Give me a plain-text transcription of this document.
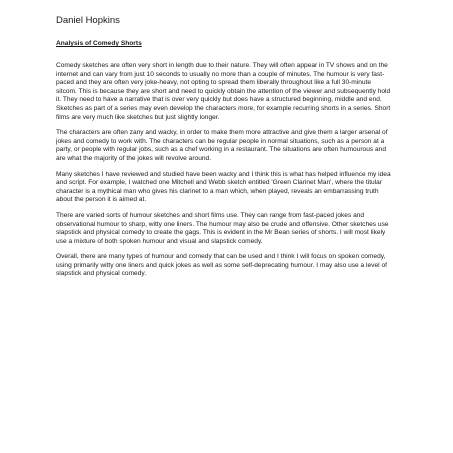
Daniel Hopkins
Analysis of Comedy Shorts

Comedy sketches are often very short in length due to their nature. They will often appear in TV shows and on the internet and can vary from just 10 seconds to usually no more than a couple of minutes. The humour is very fast-paced and they are often very joke-heavy, not opting to spread them liberally throughout like a full 30-minute sitcom. This is because they are short and need to quickly obtain the attention of the viewer and subsequently hold it. They need to have a narrative that is over very quickly but does have a structured beginning, middle and end. Sketches as part of a series may even develop the characters more, for example recurring shorts in a series. Short films are very much like sketches but just slightly longer.

The characters are often zany and wacky, in order to make them more attractive and give them a larger arsenal of jokes and comedy to work with. The characters can be regular people in normal situations, such as a person at a party, or people with regular jobs, such as a chef working in a restaurant. The situations are often humourous and are what the majority of the jokes will revolve around.

Many sketches I have reviewed and studied have been wacky and I think this is what has helped influence my idea and script. For example, I watched one Mitchell and Webb sketch entitled 'Green Clarinet Man', where the titular character is a mythical man who gives his clarinet to a man which, when played, reveals an embarrassing truth about the person it is aimed at.

There are varied sorts of humour sketches and short films use. They can range from fast-paced jokes and observational humour to sharp, witty one liners. The humour may also be crude and offensive. Other sketches use slapstick and physical comedy to create the gags. This is evident in the Mr Bean series of shorts. I will most likely use a mixture of both spoken humour and visual and slapstick comedy.

Overall, there are many types of humour and comedy that can be used and I think I will focus on spoken comedy, using primarily witty one liners and quick jokes as well as some self-deprecating humour. I may also use a level of slapstick and physical comedy.
